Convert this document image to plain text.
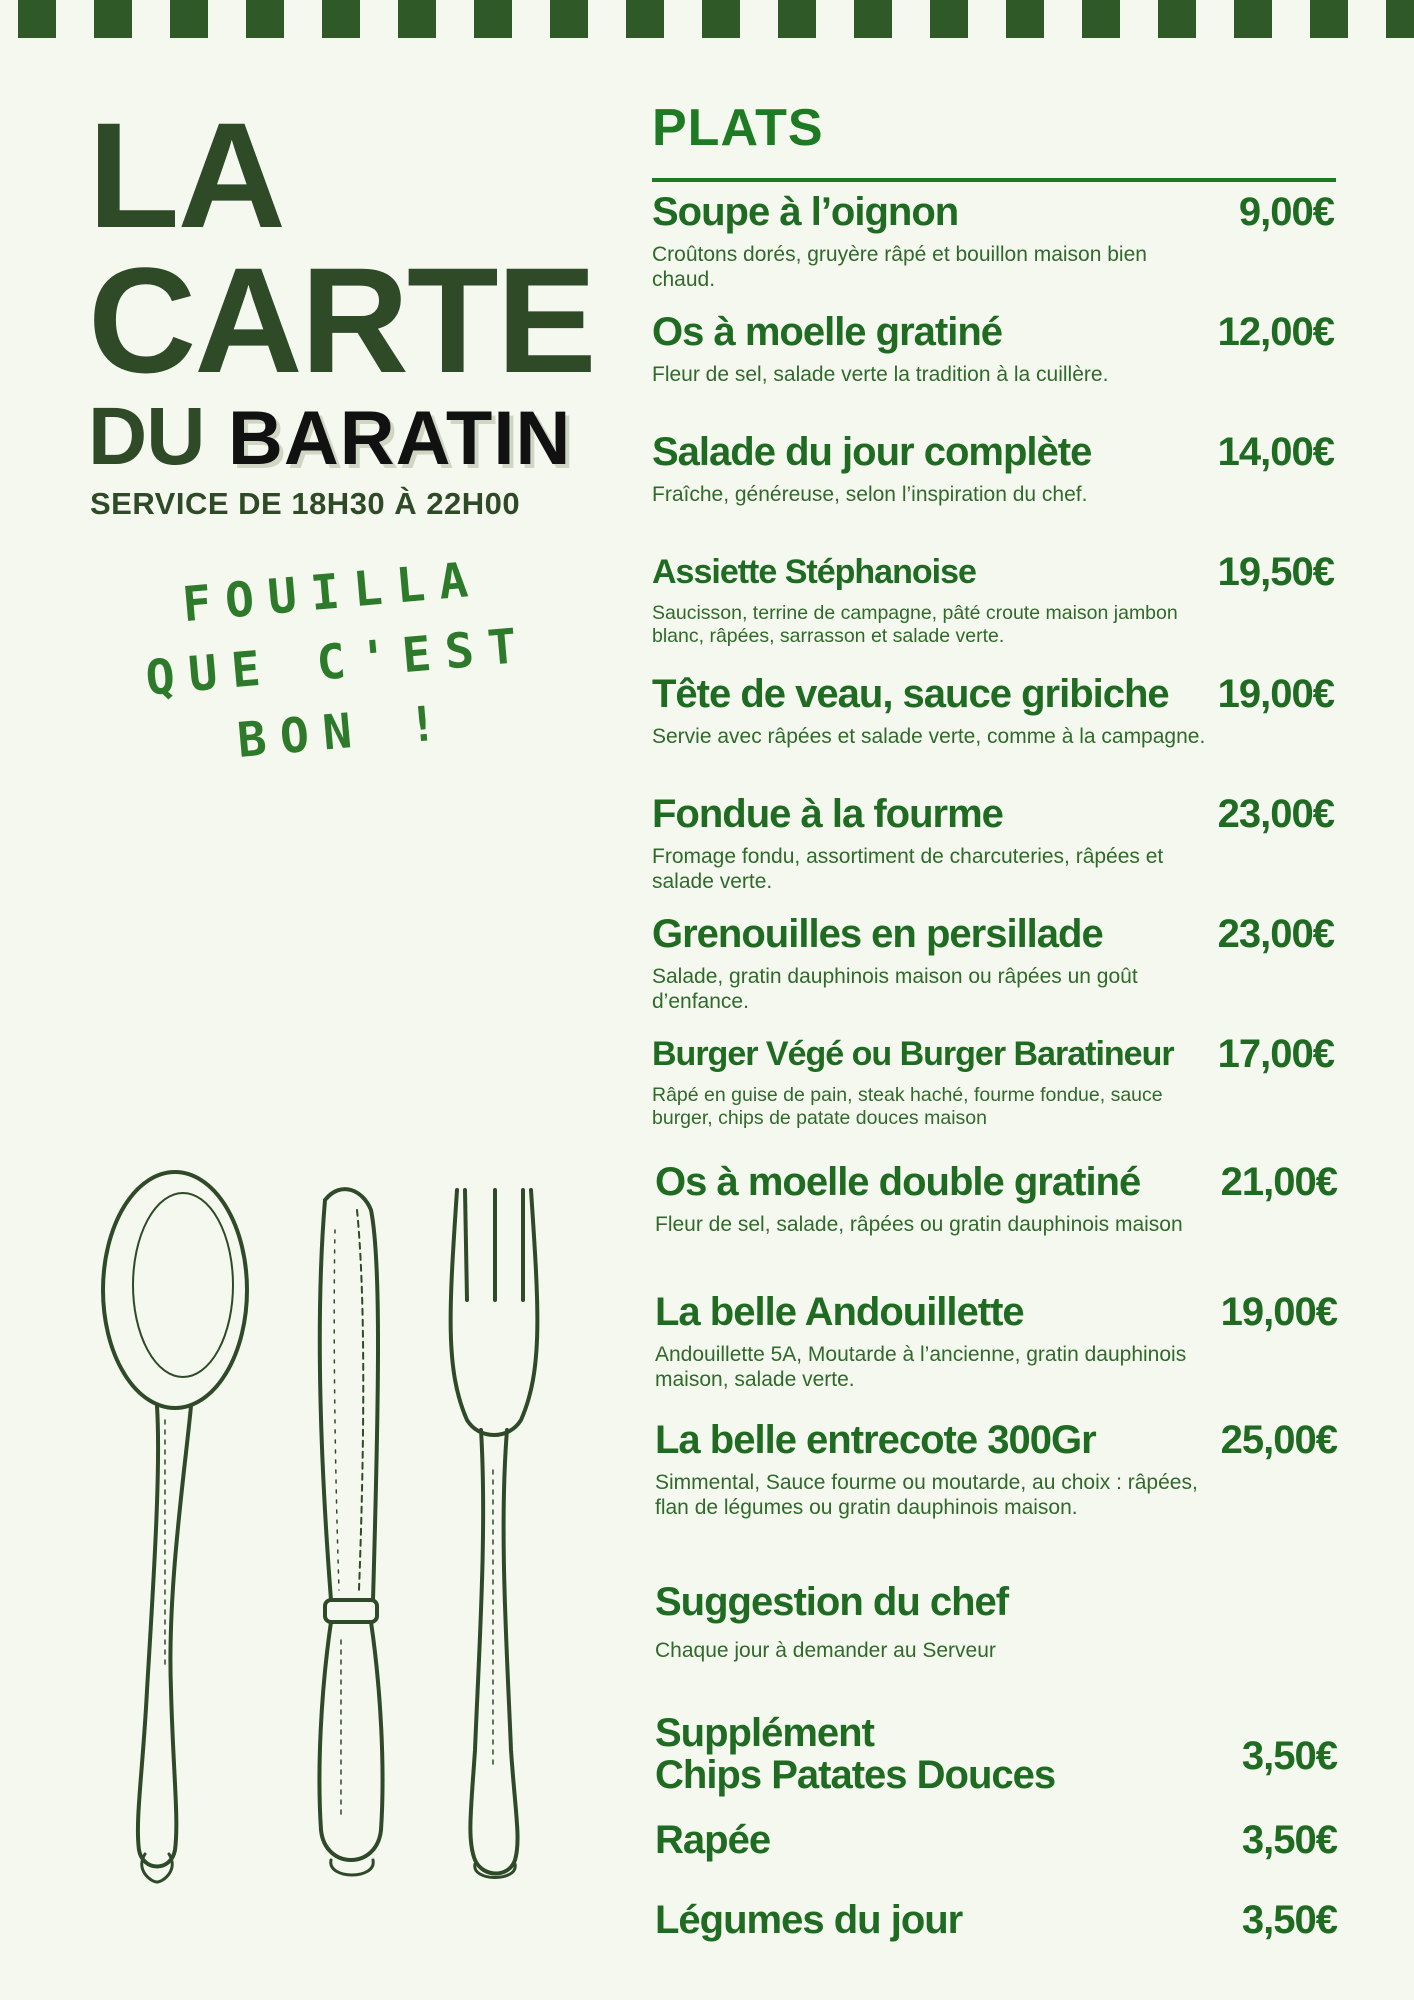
LA
CARTE
DU BARATIN
SERVICE DE 18H30 À 22H00
FOUILLA
QUE C'EST BON !
PLATS
Soupe à l’oignon	9,00€
Croûtons dorés, gruyère râpé et bouillon maison bien chaud.
Os à moelle gratiné	12,00€
Fleur de sel, salade verte la tradition à la cuillère.
Salade du jour complète	14,00€
Fraîche, généreuse, selon l’inspiration du chef.
Assiette Stéphanoise	19,50€
Saucisson, terrine de campagne, pâté croute maison jambon blanc, râpées, sarrasson et salade verte.
Tête de veau, sauce gribiche	19,00€
Servie avec râpées et salade verte, comme à la campagne.
Fondue à la fourme	23,00€
Fromage fondu, assortiment de charcuteries, râpées et salade verte.
Grenouilles en persillade	23,00€
Salade, gratin dauphinois maison ou râpées un goût d’enfance.
Burger Végé ou Burger Baratineur	17,00€
Râpé en guise de pain, steak haché, fourme fondue, sauce burger, chips de patate douces maison
Os à moelle double gratiné	21,00€
Fleur de sel, salade, râpées ou gratin dauphinois maison
La belle Andouillette	19,00€
Andouillette 5A, Moutarde à l’ancienne, gratin dauphinois maison, salade verte.
La belle entrecote 300Gr	25,00€
Simmental, Sauce fourme ou moutarde, au choix : râpées, flan de légumes ou gratin dauphinois maison.
Suggestion du chef
Chaque jour à demander au Serveur
Supplément
Chips Patates Douces	3,50€
Rapée	3,50€
Légumes du jour	3,50€
